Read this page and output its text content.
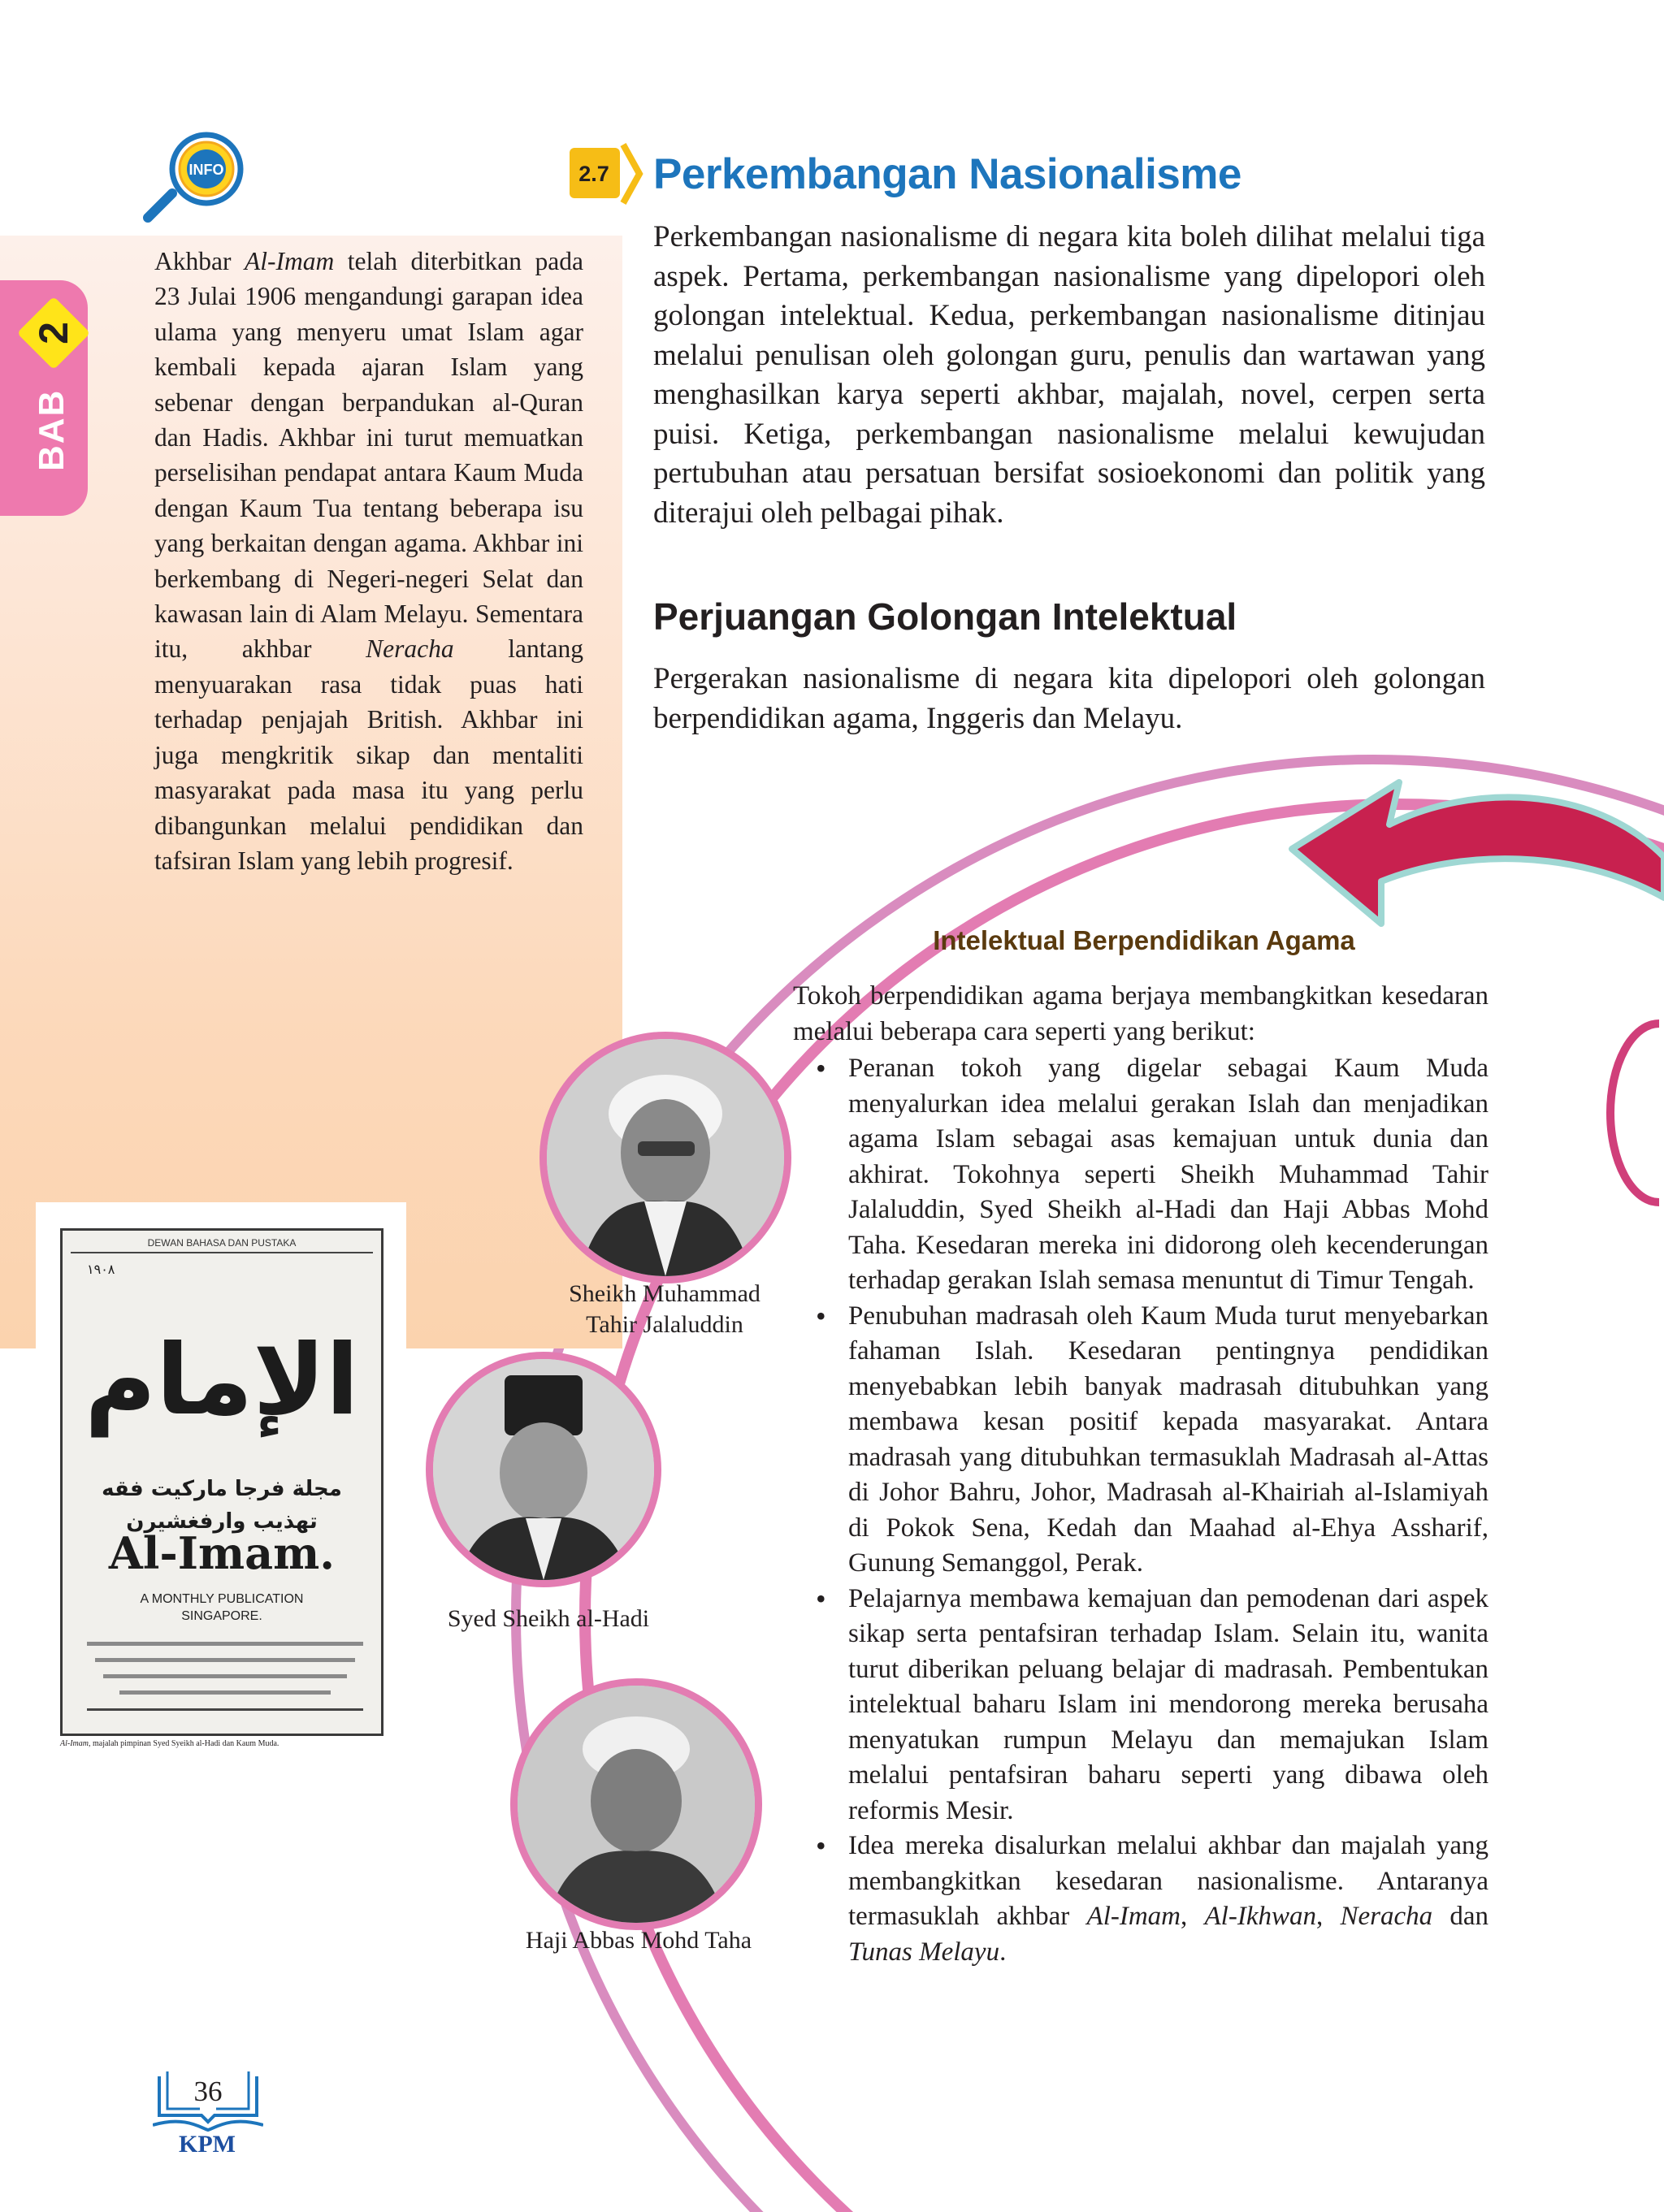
BAB
2
INFO

Akhbar Al-Imam telah diterbitkan pada 23 Julai 1906 mengandungi garapan idea ulama yang menyeru umat Islam agar kembali kepada ajaran Islam yang sebenar dengan berpandukan al-Quran dan Hadis. Akhbar ini turut memuatkan perselisihan pendapat antara Kaum Muda dengan Kaum Tua tentang beberapa isu yang berkaitan dengan agama. Akhbar ini berkembang di Negeri-negeri Selat dan kawasan lain di Alam Melayu. Sementara itu, akhbar Neracha lantang menyuarakan rasa tidak puas hati terhadap penjajah British. Akhbar ini juga mengkritik sikap dan mentaliti masyarakat pada masa itu yang perlu dibangunkan melalui pendidikan dan tafsiran Islam yang lebih progresif.

2.7 Perkembangan Nasionalisme

Perkembangan nasionalisme di negara kita boleh dilihat melalui tiga aspek. Pertama, perkembangan nasionalisme yang dipelopori oleh golongan intelektual. Kedua, perkembangan nasionalisme ditinjau melalui penulisan oleh golongan guru, penulis dan wartawan yang menghasilkan karya seperti akhbar, majalah, novel, cerpen serta puisi. Ketiga, perkembangan nasionalisme melalui kewujudan pertubuhan atau persatuan bersifat sosioekonomi dan politik yang diterajui oleh pelbagai pihak.

Perjuangan Golongan Intelektual

Pergerakan nasionalisme di negara kita dipelopori oleh golongan berpendidikan agama, Inggeris dan Melayu.

Intelektual Berpendidikan Agama

Tokoh berpendidikan agama berjaya membangkitkan kesedaran melalui beberapa cara seperti yang berikut:

• Peranan tokoh yang digelar sebagai Kaum Muda menyalurkan idea melalui gerakan Islah dan menjadikan agama Islam sebagai asas kemajuan untuk dunia dan akhirat. Tokohnya seperti Sheikh Muhammad Tahir Jalaluddin, Syed Sheikh al-Hadi dan Haji Abbas Mohd Taha. Kesedaran mereka ini didorong oleh kecenderungan terhadap gerakan Islah semasa menuntut di Timur Tengah.
• Penubuhan madrasah oleh Kaum Muda turut menyebarkan fahaman Islah. Kesedaran pentingnya pendidikan menyebabkan lebih banyak madrasah ditubuhkan yang membawa kesan positif kepada masyarakat. Antara madrasah yang ditubuhkan termasuklah Madrasah al-Attas di Johor Bahru, Johor, Madrasah al-Khairiah al-Islamiyah di Pokok Sena, Kedah dan Maahad al-Ehya Assharif, Gunung Semanggol, Perak.
• Pelajarnya membawa kemajuan dan pemodenan dari aspek sikap serta pentafsiran terhadap Islam. Selain itu, wanita turut diberikan peluang belajar di madrasah. Pembentukan intelektual baharu Islam ini mendorong mereka berusaha menyatukan rumpun Melayu dan memajukan Islam melalui pentafsiran baharu seperti yang dibawa oleh reformis Mesir.
• Idea mereka disalurkan melalui akhbar dan majalah yang membangkitkan kesedaran nasionalisme. Antaranya termasuklah akhbar Al-Imam, Al-Ikhwan, Neracha dan Tunas Melayu.
Sheikh Muhammad
Tahir Jalaluddin
Syed Sheikh al-Hadi
Haji Abbas Mohd Taha
DEWAN BAHASA DAN PUSTAKA
١٩٠٨
الإمام
مجلة فرجا ماركيت فقه تهذيب وارفغشيرن
Al-Imam.
A MONTHLY PUBLICATION
SINGAPORE.
Al-Imam, majalah pimpinan Syed Syeikh al-Hadi dan Kaum Muda.
36
KPM
